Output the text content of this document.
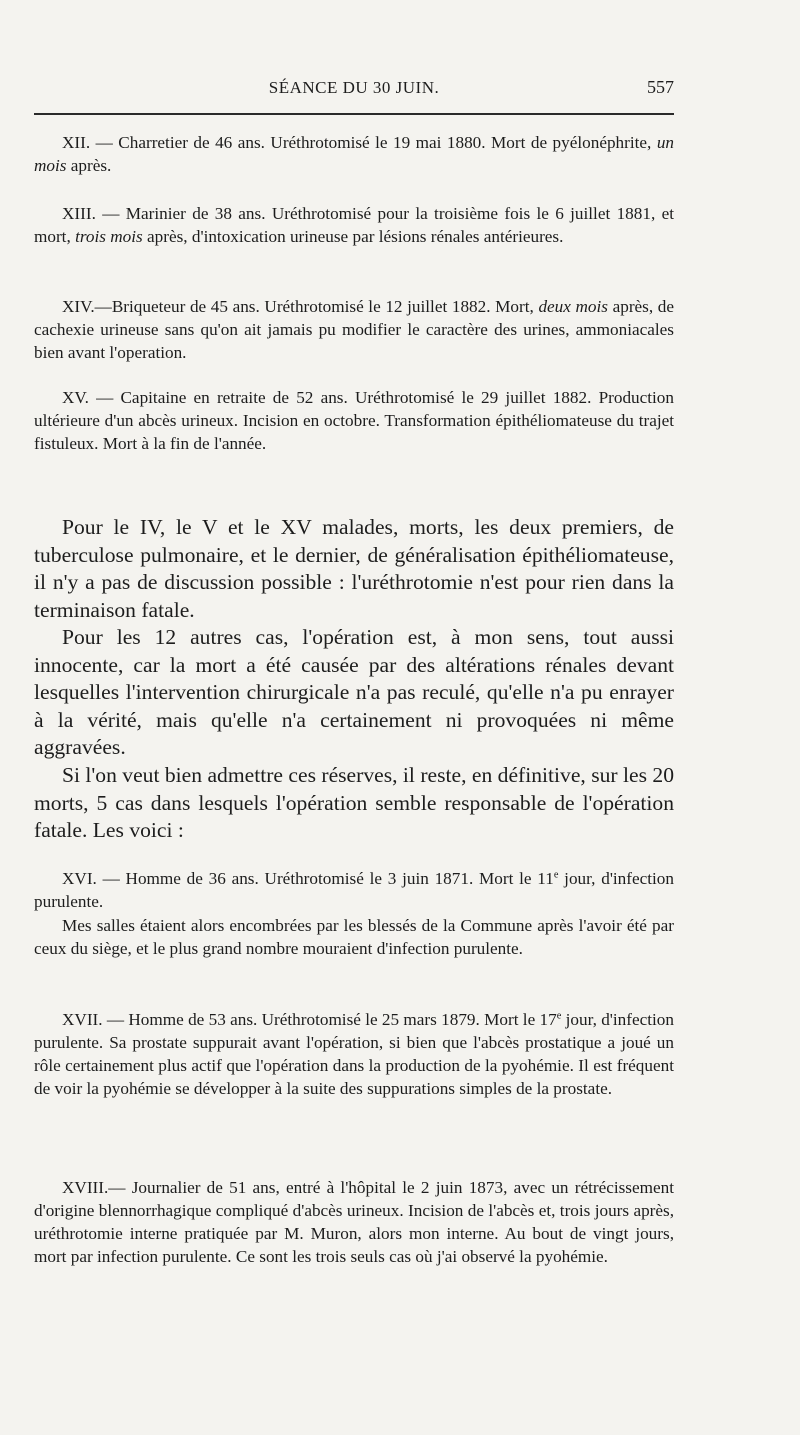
SÉANCE DU 30 JUIN.	557

XII. — Charretier de 46 ans. Uréthrotomisé le 19 mai 1880. Mort de pyélonéphrite, un mois après.

XIII. — Marinier de 38 ans. Uréthrotomisé pour la troisième fois le 6 juillet 1881, et mort, trois mois après, d'intoxication urineuse par lésions rénales antérieures.

XIV.—Briqueteur de 45 ans. Uréthrotomisé le 12 juillet 1882. Mort, deux mois après, de cachexie urineuse sans qu'on ait jamais pu modifier le caractère des urines, ammoniacales bien avant l'operation.

XV. — Capitaine en retraite de 52 ans. Uréthrotomisé le 29 juillet 1882. Production ultérieure d'un abcès urineux. Incision en octobre. Transformation épithéliomateuse du trajet fistuleux. Mort à la fin de l'année.

Pour le IV, le V et le XV malades, morts, les deux premiers, de tuberculose pulmonaire, et le dernier, de généralisation épithéliomateuse, il n'y a pas de discussion possible : l'uréthrotomie n'est pour rien dans la terminaison fatale.

Pour les 12 autres cas, l'opération est, à mon sens, tout aussi innocente, car la mort a été causée par des altérations rénales devant lesquelles l'intervention chirurgicale n'a pas reculé, qu'elle n'a pu enrayer à la vérité, mais qu'elle n'a certainement ni provoquées ni même aggravées.

Si l'on veut bien admettre ces réserves, il reste, en définitive, sur les 20 morts, 5 cas dans lesquels l'opération semble responsable de l'opération fatale. Les voici :

XVI. — Homme de 36 ans. Uréthrotomisé le 3 juin 1871. Mort le 11e jour, d'infection purulente.

Mes salles étaient alors encombrées par les blessés de la Commune après l'avoir été par ceux du siège, et le plus grand nombre mouraient d'infection purulente.

XVII. — Homme de 53 ans. Uréthrotomisé le 25 mars 1879. Mort le 17e jour, d'infection purulente. Sa prostate suppurait avant l'opération, si bien que l'abcès prostatique a joué un rôle certainement plus actif que l'opération dans la production de la pyohémie. Il est fréquent de voir la pyohémie se développer à la suite des suppurations simples de la prostate.

XVIII.— Journalier de 51 ans, entré à l'hôpital le 2 juin 1873, avec un rétrécissement d'origine blennorrhagique compliqué d'abcès urineux. Incision de l'abcès et, trois jours après, uréthrotomie interne pratiquée par M. Muron, alors mon interne. Au bout de vingt jours, mort par infection purulente. Ce sont les trois seuls cas où j'ai observé la pyohémie.
